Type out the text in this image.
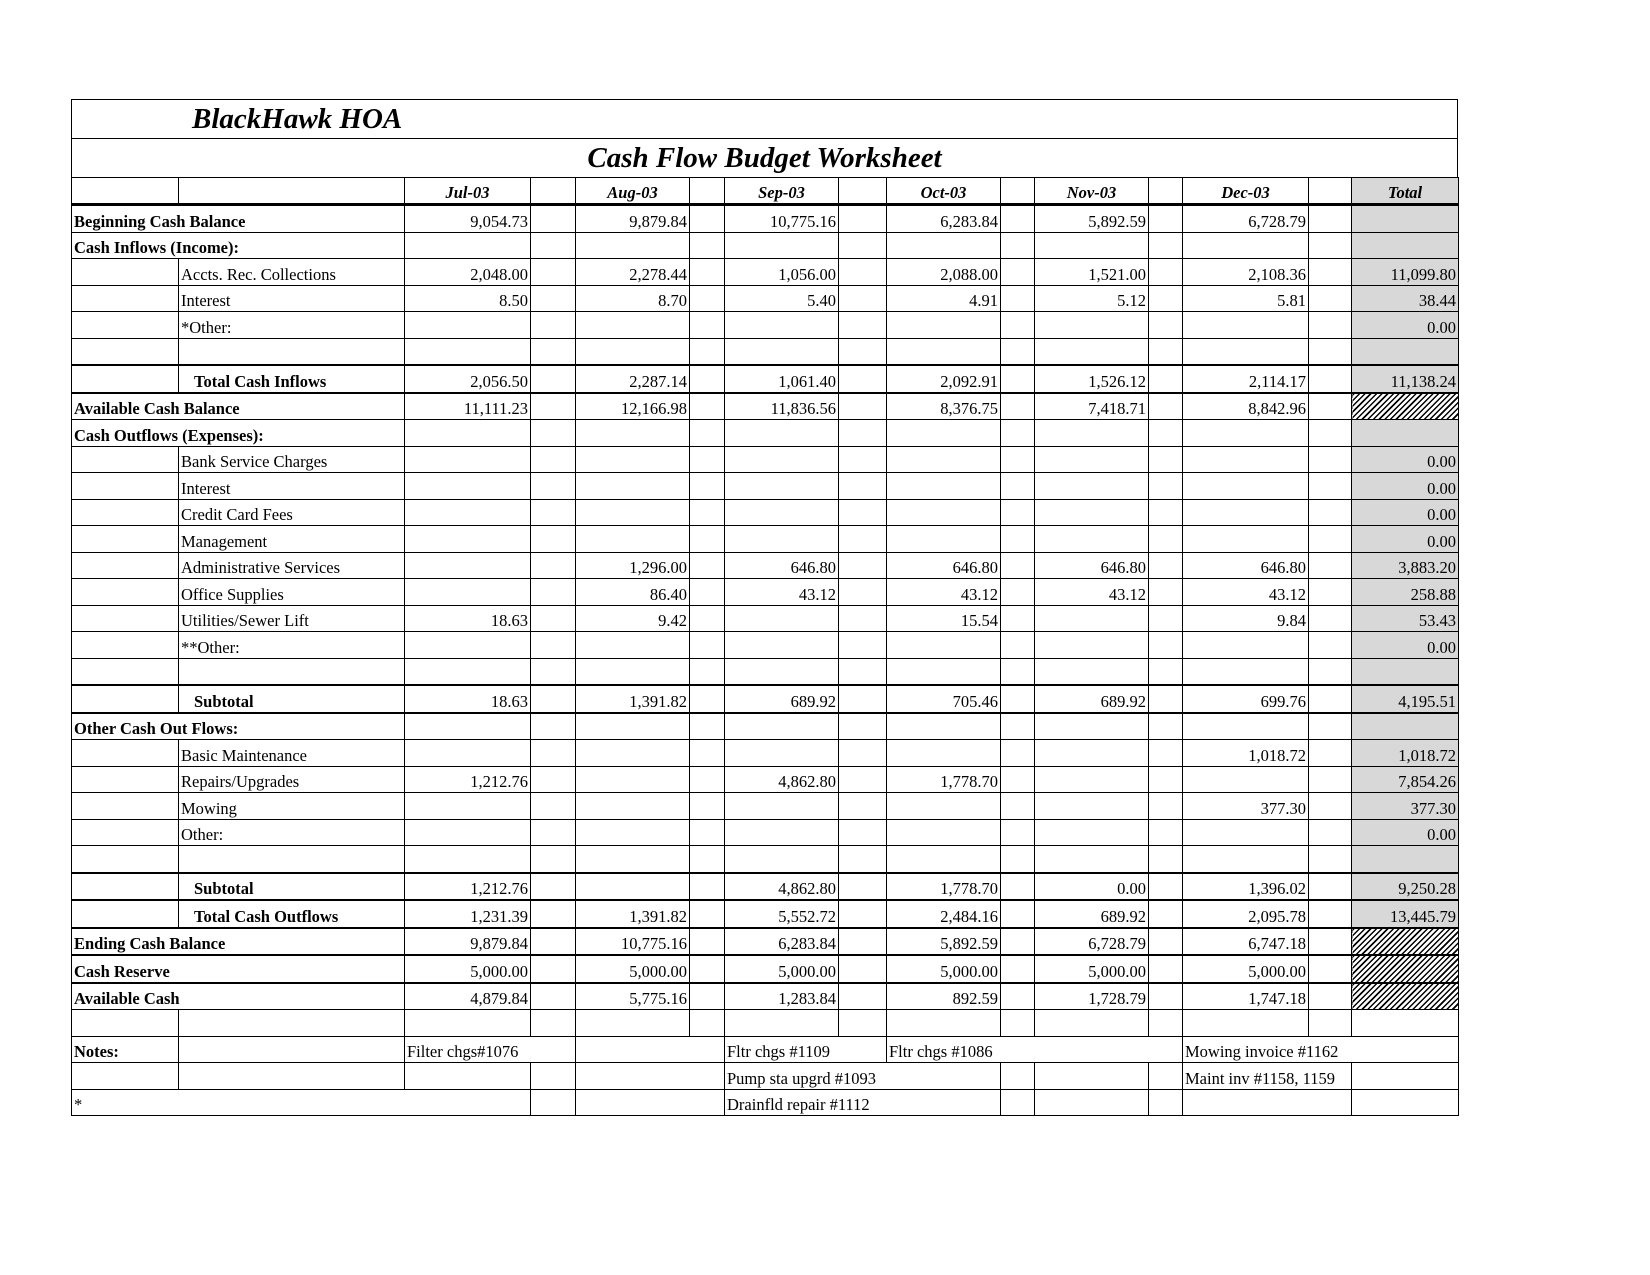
BlackHawk HOA
Cash Flow Budget Worksheet
		Jul-03		Aug-03		Sep-03		Oct-03		Nov-03		Dec-03		Total
Beginning Cash Balance		9,054.73		9,879.84		10,775.16		6,283.84		5,892.59		6,728.79		
Cash Inflows (Income):														
	Accts. Rec. Collections	2,048.00		2,278.44		1,056.00		2,088.00		1,521.00		2,108.36		11,099.80
	Interest	8.50		8.70		5.40		4.91		5.12		5.81		38.44
	*Other:													0.00

	Total Cash Inflows	2,056.50		2,287.14		1,061.40		2,092.91		1,526.12		2,114.17		11,138.24
Available Cash Balance		11,111.23		12,166.98		11,836.56		8,376.75		7,418.71		8,842.96		
Cash Outflows (Expenses):														
	Bank Service Charges													0.00
	Interest													0.00
	Credit Card Fees													0.00
	Management													0.00
	Administrative Services			1,296.00		646.80		646.80		646.80		646.80		3,883.20
	Office Supplies			86.40		43.12		43.12		43.12		43.12		258.88
	Utilities/Sewer Lift	18.63		9.42				15.54				9.84		53.43
	**Other:													0.00

	Subtotal	18.63		1,391.82		689.92		705.46		689.92		699.76		4,195.51
Other Cash Out Flows:														
	Basic Maintenance											1,018.72		1,018.72
	Repairs/Upgrades	1,212.76				4,862.80		1,778.70						7,854.26
	Mowing											377.30		377.30
	Other:													0.00

	Subtotal	1,212.76				4,862.80		1,778.70		0.00		1,396.02		9,250.28
	Total Cash Outflows	1,231.39		1,391.82		5,552.72		2,484.16		689.92		2,095.78		13,445.79
Ending Cash Balance		9,879.84		10,775.16		6,283.84		5,892.59		6,728.79		6,747.18		
Cash Reserve		5,000.00		5,000.00		5,000.00		5,000.00		5,000.00		5,000.00		
Available Cash		4,879.84		5,775.16		1,283.84		892.59		1,728.79		1,747.18		

Notes:		Filter chgs#1076				Fltr chgs #1109		Fltr chgs #1086				Mowing invoice #1162		
						Pump sta upgrd #1093						Maint inv #1158, 1159		
*						Drainfld repair #1112								
